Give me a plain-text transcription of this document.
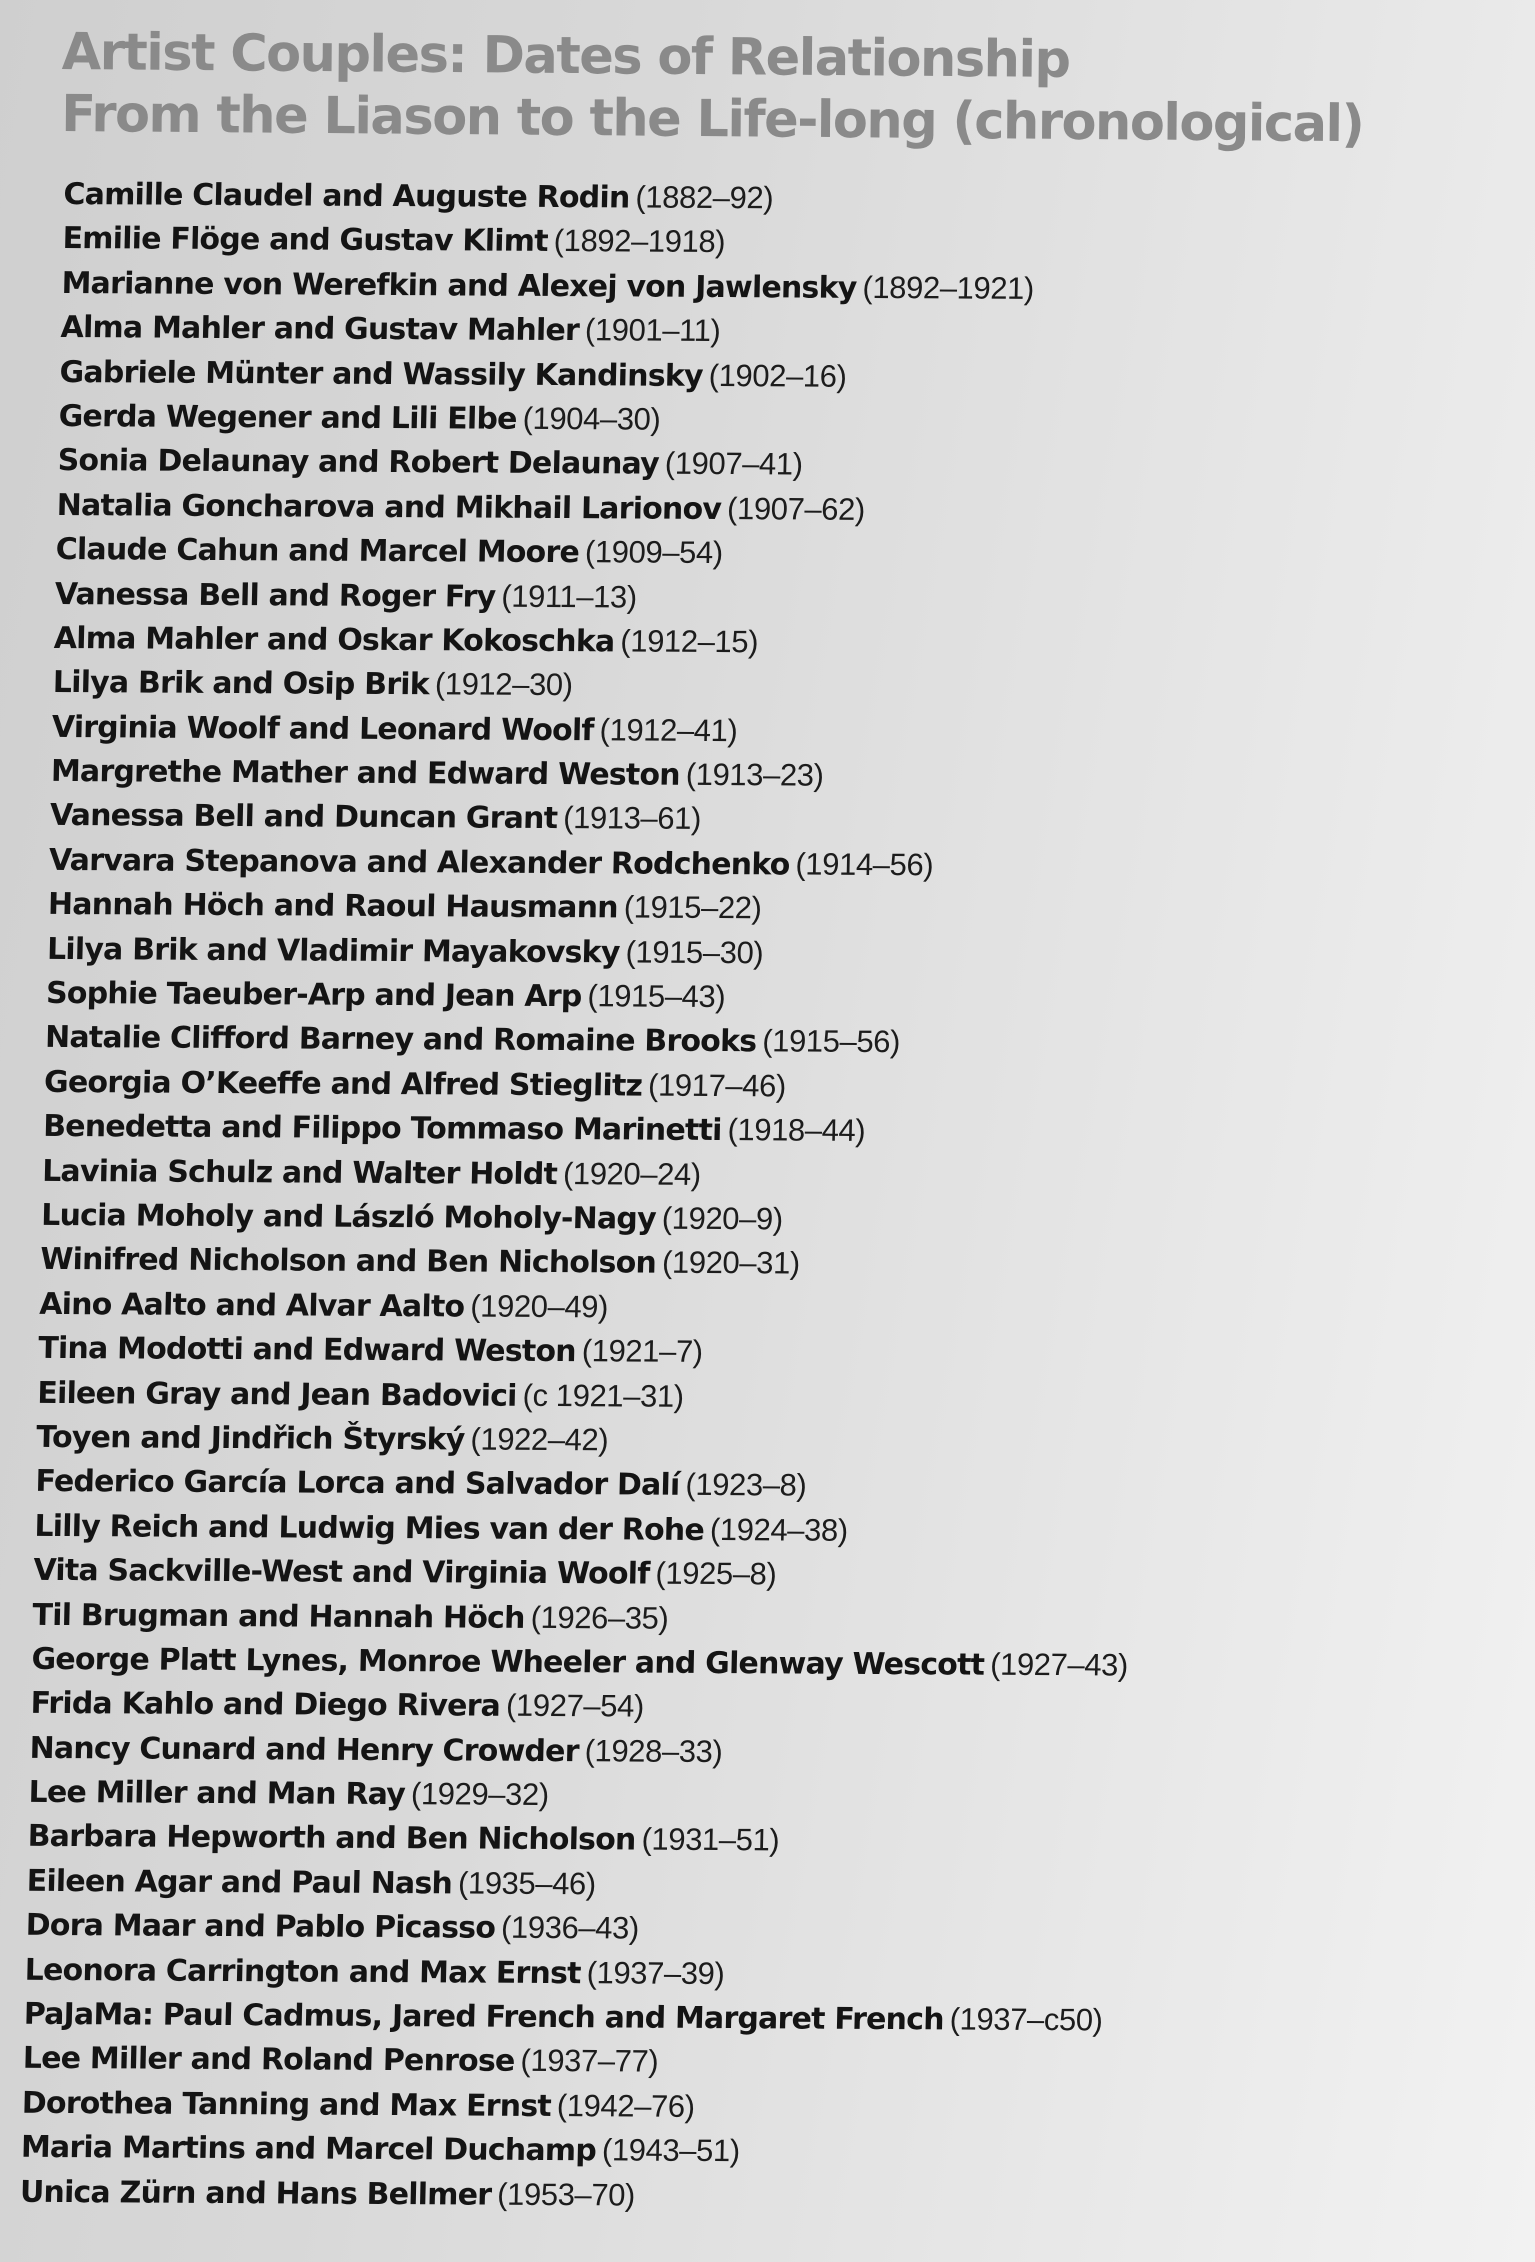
Artist Couples: Dates of Relationship
From the Liason to the Life-long (chronological)
Camille Claudel and Auguste Rodin (1882–92)
Emilie Flöge and Gustav Klimt (1892–1918)
Marianne von Werefkin and Alexej von Jawlensky (1892–1921)
Alma Mahler and Gustav Mahler (1901–11)
Gabriele Münter and Wassily Kandinsky (1902–16)
Gerda Wegener and Lili Elbe (1904–30)
Sonia Delaunay and Robert Delaunay (1907–41)
Natalia Goncharova and Mikhail Larionov (1907–62)
Claude Cahun and Marcel Moore (1909–54)
Vanessa Bell and Roger Fry (1911–13)
Alma Mahler and Oskar Kokoschka (1912–15)
Lilya Brik and Osip Brik (1912–30)
Virginia Woolf and Leonard Woolf (1912–41)
Margrethe Mather and Edward Weston (1913–23)
Vanessa Bell and Duncan Grant (1913–61)
Varvara Stepanova and Alexander Rodchenko (1914–56)
Hannah Höch and Raoul Hausmann (1915–22)
Lilya Brik and Vladimir Mayakovsky (1915–30)
Sophie Taeuber-Arp and Jean Arp (1915–43)
Natalie Clifford Barney and Romaine Brooks (1915–56)
Georgia O’Keeffe and Alfred Stieglitz (1917–46)
Benedetta and Filippo Tommaso Marinetti (1918–44)
Lavinia Schulz and Walter Holdt (1920–24)
Lucia Moholy and László Moholy-Nagy (1920–9)
Winifred Nicholson and Ben Nicholson (1920–31)
Aino Aalto and Alvar Aalto (1920–49)
Tina Modotti and Edward Weston (1921–7)
Eileen Gray and Jean Badovici (c 1921–31)
Toyen and Jindřich Štyrský (1922–42)
Federico García Lorca and Salvador Dalí (1923–8)
Lilly Reich and Ludwig Mies van der Rohe (1924–38)
Vita Sackville-West and Virginia Woolf (1925–8)
Til Brugman and Hannah Höch (1926–35)
George Platt Lynes, Monroe Wheeler and Glenway Wescott (1927–43)
Frida Kahlo and Diego Rivera (1927–54)
Nancy Cunard and Henry Crowder (1928–33)
Lee Miller and Man Ray (1929–32)
Barbara Hepworth and Ben Nicholson (1931–51)
Eileen Agar and Paul Nash (1935–46)
Dora Maar and Pablo Picasso (1936–43)
Leonora Carrington and Max Ernst (1937–39)
PaJaMa: Paul Cadmus, Jared French and Margaret French (1937–c50)
Lee Miller and Roland Penrose (1937–77)
Dorothea Tanning and Max Ernst (1942–76)
Maria Martins and Marcel Duchamp (1943–51)
Unica Zürn and Hans Bellmer (1953–70)
